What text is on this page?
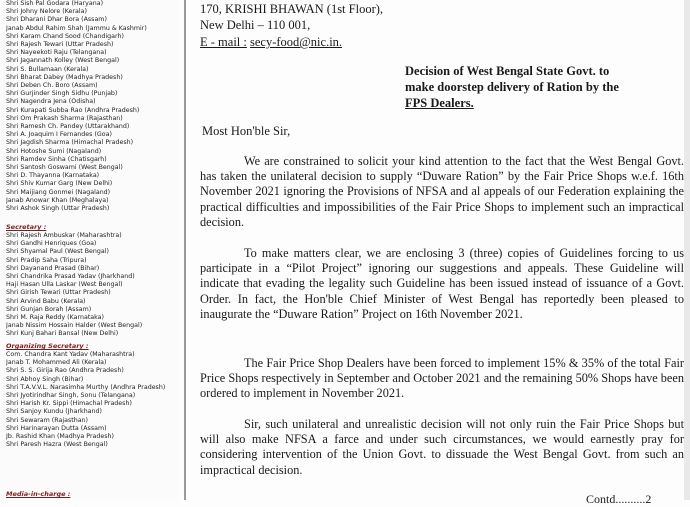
Shri Sish Pal Godara (Haryana)
Shri Johny Nelore (Kerala)
Shri Dharani Dhar Bora (Assam)
Janab Abdul Rahim Shah (Jammu & Kashmir)
Shri Karam Chand Sood (Chandigarh)
Shri Rajesh Tewari (Uttar Pradesh)
Shri Nayeekoti Raju (Telangana)
Shri Jagannath Kolley (West Bengal)
Shri S. Bullamaan (Kerala)
Shri Bharat Dabey (Madhya Pradesh)
Shri Deben Ch. Boro (Assam)
Shri Gurjinder Singh Sidhu (Punjab)
Shri Nagendra Jena (Odisha)
Shri Kurapati Subba Rao (Andhra Pradesh)
Shri Om Prakash Sharma (Rajasthan)
Shri Ramesh Ch. Pandey (Uttarakhand)
Shri A. Joaquim I Fernandes (Goa)
Shri Jagdish Sharma (Himachal Pradesh)
Shri Hotoshe Sumi (Nagaland)
Shri Ramdev Sinha (Chatisgarh)
Shri Santosh Goswami (West Bengal)
Shri D. Thayanna (Karnataka)
Shri Shiv Kumar Garg (New Delhi)
Shri Maijiang Gonmei (Nagaland)
Janab Anowar Khan (Meghalaya)
Shri Ashok Singh (Uttar Pradesh)
Secretary :
Shri Rajesh Ambuskar (Maharashtra)
Shri Gandhi Henriques (Goa)
Shri Shyamal Paul (West Bengal)
Shri Pradip Saha (Tripura)
Shri Dayanand Prasad (Bihar)
Shri Chandrika Prasad Yadav (Jharkhand)
Haji Hasan Ulla Laskar (West Bengal)
Shri Girish Tewari (Uttar Pradesh)
Shri Arvind Babu (Kerala)
Shri Gunjan Borah (Assam)
Shri M. Raja Reddy (Karnataka)
Janab Nissim Hossain Halder (West Bengal)
Shri Kunj Bahari Bansal (New Delhi)
Organizing Secretary :
Com. Chandra Kant Yadav (Maharashtra)
Janab T. Mohammed Ali (Kerala)
Shri S. S. Girija Rao (Andhra Pradesh)
Shri Abhoy Singh (Bihar)
Shri T.A.V.V.L. Narasimha Murthy (Andhra Pradesh)
Shri Jyotirindhar Singh, Sonu (Telangana)
Shri Harish Kr. Sippi (Himachal Pradesh)
Shri Sanjoy Kundu (Jharkhand)
Shri Sewaram (Rajasthan)
Shri Harinarayan Dutta (Assam)
Jb. Rashid Khan (Madhya Pradesh)
Shri Paresh Hazra (West Bengal)
Media-in-charge :
170, KRISHI BHAWAN (1st Floor),
New Delhi – 110 001,
E - mail : secy-food@nic.in.
Decision of West Bengal State Govt. to
make doorstep delivery of Ration by the
FPS Dealers.
Most Hon'ble Sir,
We are constrained to solicit your kind attention to the fact that the West Bengal Govt. has taken the unilateral decision to supply “Duware Ration” by the Fair Price Shops w.e.f. 16th November 2021 ignoring the Provisions of NFSA and al appeals of our Federation explaining the practical difficulties and impossibilities of the Fair Price Shops to implement such an impractical decision.
To make matters clear, we are enclosing 3 (three) copies of Guidelines forcing to us participate in a “Pilot Project” ignoring our suggestions and appeals. These Guideline will indicate that evading the legality such Guideline has been issued instead of issuance of a Govt. Order. In fact, the Hon'ble Chief Minister of West Bengal has reportedly been pleased to inaugurate the “Duware Ration” Project on 16th November 2021.
The Fair Price Shop Dealers have been forced to implement 15% & 35% of the total Fair Price Shops respectively in September and October 2021 and the remaining 50% Shops have been ordered to implement in November 2021.
Sir, such unilateral and unrealistic decision will not only ruin the Fair Price Shops but will also make NFSA a farce and under such circumstances, we would earnestly pray for considering intervention of the Union Govt. to dissuade the West Bengal Govt. from such an impractical decision.
Contd..........2
